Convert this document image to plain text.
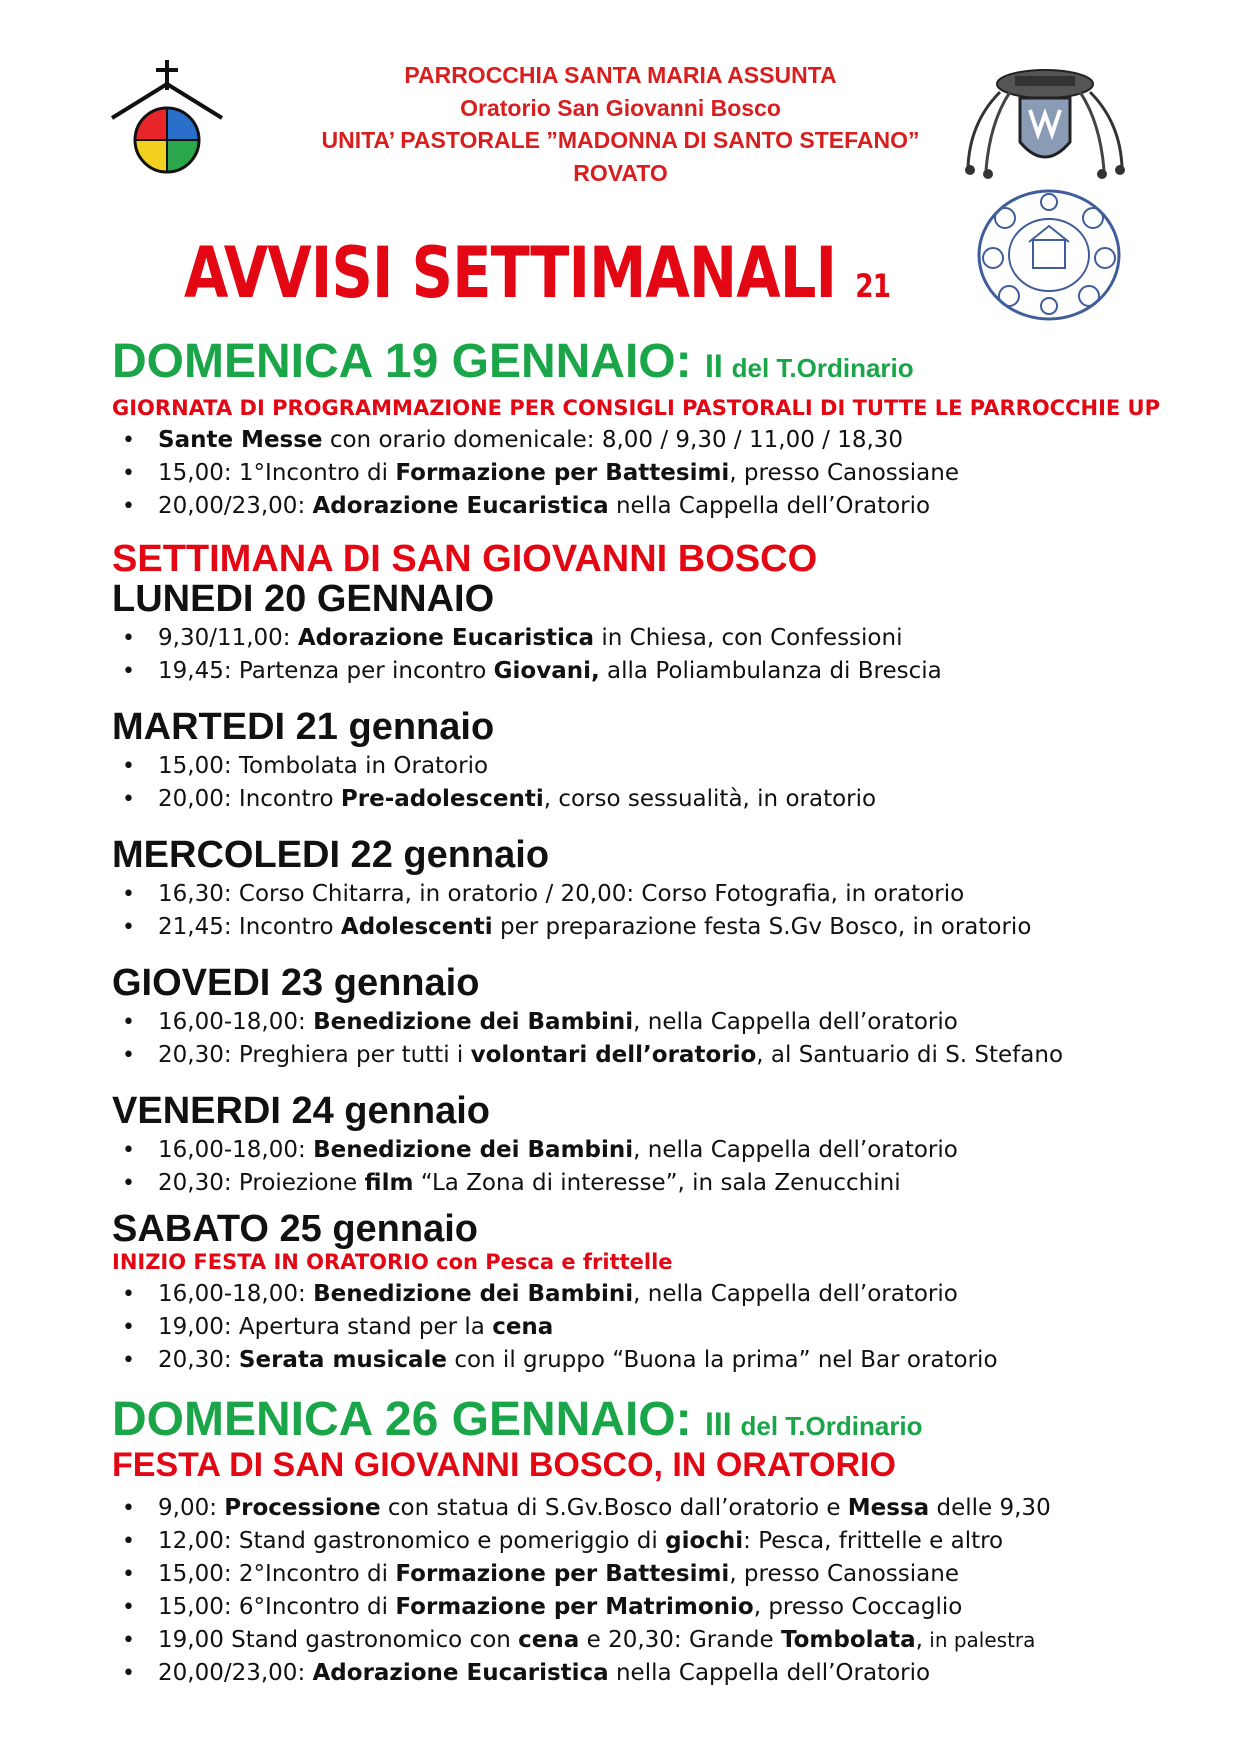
PARROCCHIA SANTA MARIA ASSUNTA
Oratorio San Giovanni Bosco
UNITA’ PASTORALE ”MADONNA DI SANTO STEFANO”
ROVATO
AVVISI SETTIMANALI 21
DOMENICA 19 GENNAIO: II del T.Ordinario
GIORNATA DI PROGRAMMAZIONE PER CONSIGLI PASTORALI DI TUTTE LE PARROCCHIE UP
• Sante Messe con orario domenicale: 8,00 / 9,30 / 11,00 / 18,30
• 15,00: 1°Incontro di Formazione per Battesimi, presso Canossiane
• 20,00/23,00: Adorazione Eucaristica nella Cappella dell’Oratorio
SETTIMANA DI SAN GIOVANNI BOSCO
LUNEDI 20 GENNAIO
• 9,30/11,00: Adorazione Eucaristica in Chiesa, con Confessioni
• 19,45: Partenza per incontro Giovani, alla Poliambulanza di Brescia
MARTEDI 21 gennaio
• 15,00: Tombolata in Oratorio
• 20,00: Incontro Pre-adolescenti, corso sessualità, in oratorio
MERCOLEDI 22 gennaio
• 16,30: Corso Chitarra, in oratorio / 20,00: Corso Fotografia, in oratorio
• 21,45: Incontro Adolescenti per preparazione festa S.Gv Bosco, in oratorio
GIOVEDI 23 gennaio
• 16,00-18,00: Benedizione dei Bambini, nella Cappella dell’oratorio
• 20,30: Preghiera per tutti i volontari dell’oratorio, al Santuario di S. Stefano
VENERDI 24 gennaio
• 16,00-18,00: Benedizione dei Bambini, nella Cappella dell’oratorio
• 20,30: Proiezione film “La Zona di interesse”, in sala Zenucchini
SABATO 25 gennaio
INIZIO FESTA IN ORATORIO con Pesca e frittelle
• 16,00-18,00: Benedizione dei Bambini, nella Cappella dell’oratorio
• 19,00: Apertura stand per la cena
• 20,30: Serata musicale con il gruppo “Buona la prima” nel Bar oratorio
DOMENICA 26 GENNAIO: III del T.Ordinario
FESTA DI SAN GIOVANNI BOSCO, IN ORATORIO
• 9,00: Processione con statua di S.Gv.Bosco dall’oratorio e Messa delle 9,30
• 12,00: Stand gastronomico e pomeriggio di giochi: Pesca, frittelle e altro
• 15,00: 2°Incontro di Formazione per Battesimi, presso Canossiane
• 15,00: 6°Incontro di Formazione per Matrimonio, presso Coccaglio
• 19,00 Stand gastronomico con cena e 20,30: Grande Tombolata, in palestra
• 20,00/23,00: Adorazione Eucaristica nella Cappella dell’Oratorio
